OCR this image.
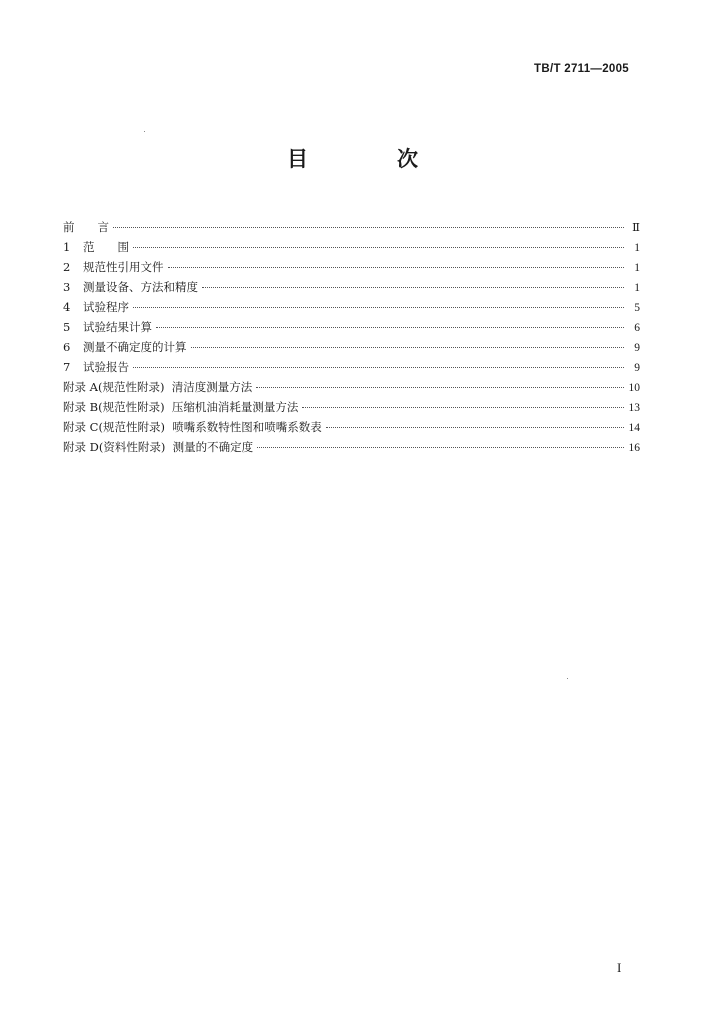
TB/T 2711—2005
目　次
前　　言	Ⅱ
1	范　　围	1
2	规范性引用文件	1
3	测量设备、方法和精度	1
4	试验程序	5
5	试验结果计算	6
6	测量不确定度的计算	9
7	试验报告	9
附录 A(规范性附录) 清洁度测量方法	10
附录 B(规范性附录) 压缩机油消耗量测量方法	13
附录 C(规范性附录) 喷嘴系数特性图和喷嘴系数表	14
附录 D(资料性附录) 测量的不确定度	16
I
